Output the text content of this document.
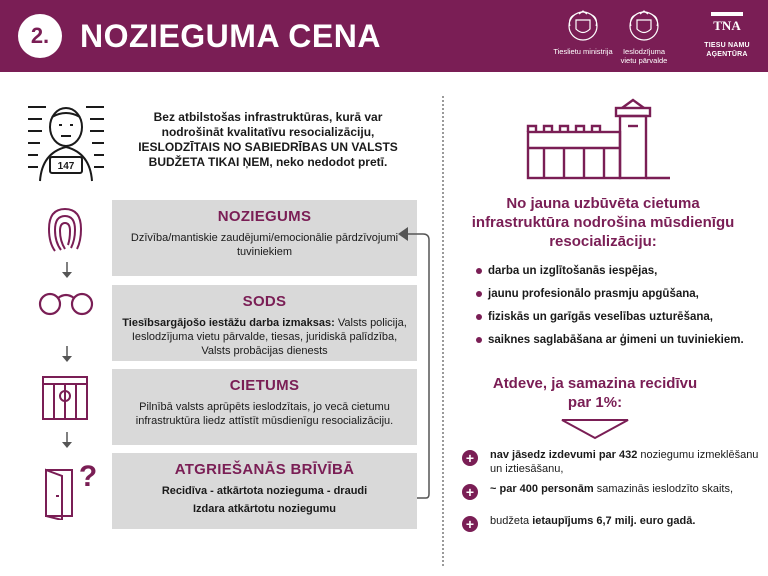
2. NOZIEGUMA CENA	Tieslietu ministrija	Ieslodzījuma
vietu pārvalde
TNA
TIESU NAMU AĢENTŪRA
147
Bez atbilstošas infrastruktūras, kurā var
nodrošināt kvalitatīvu resocializāciju,
IESLODZĪTAIS NO SABIEDRĪBAS UN VALSTS
BUDŽETA TIKAI ŅEM, neko nedodot pretī.
?
NOZIEGUMS
Dzīvība/mantiskie zaudējumi/emocionālie pārdzīvojumi tuviniekiem
SODS
Tiesībsargājošo iestāžu darba izmaksas: Valsts policija, Ieslodzījuma vietu pārvalde, tiesas, juridiskā palīdzība, Valsts probācijas dienests
CIETUMS
Pilnībā valsts aprūpēts ieslodzītais, jo vecā cietumu infrastruktūra liedz attīstīt mūsdienīgu resocializāciju.
ATGRIEŠANĀS BRĪVĪBĀ
Recidīva - atkārtota nozieguma - draudi
Izdara atkārtotu noziegumu
No jauna uzbūvēta cietuma infrastruktūra nodrošina mūsdienīgu resocializāciju:
darba un izglītošanās iespējas,
jaunu profesionālo prasmju apgūšana,
fiziskās un garīgās veselības uzturēšana,
saiknes saglabāšana ar ģimeni un tuviniekiem.
Atdeve, ja samazina recidīvu par 1%:
+	nav jāsedz izdevumi par 432 noziegumu izmeklēšanu un iztiesāšanu,
+	~ par 400 personām samazinās ieslodzīto skaits,
+	budžeta ietaupījums 6,7 milj. euro gadā.
